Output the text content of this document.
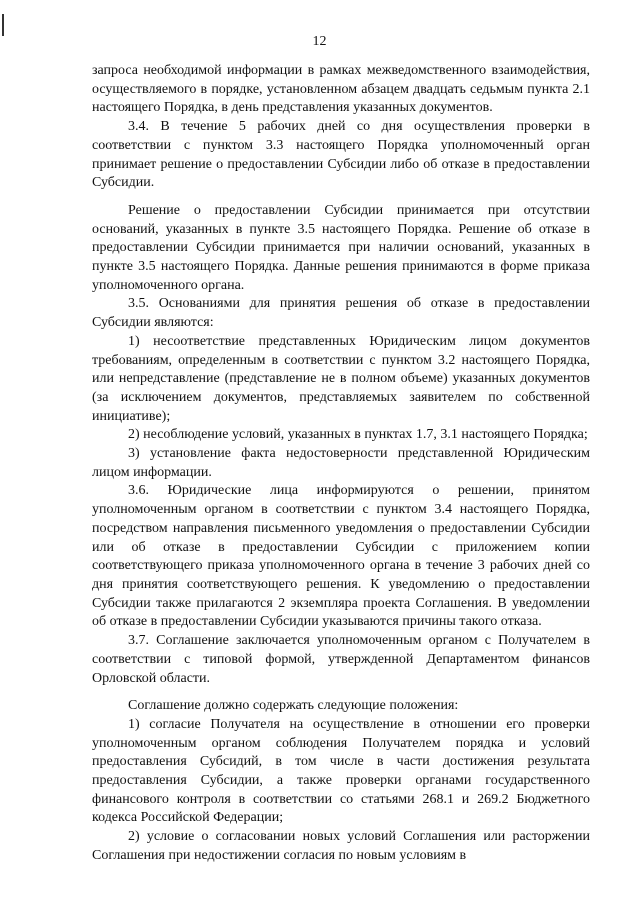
12

запроса необходимой информации в рамках межведомственного взаимодействия, осуществляемого в порядке, установленном абзацем двадцать седьмым пункта 2.1 настоящего Порядка, в день представления указанных документов.

3.4. В течение 5 рабочих дней со дня осуществления проверки в соответствии с пунктом 3.3 настоящего Порядка уполномоченный орган принимает решение о предоставлении Субсидии либо об отказе в предоставлении Субсидии.

Решение о предоставлении Субсидии принимается при отсутствии оснований, указанных в пункте 3.5 настоящего Порядка. Решение об отказе в предоставлении Субсидии принимается при наличии оснований, указанных в пункте 3.5 настоящего Порядка. Данные решения принимаются в форме приказа уполномоченного органа.

3.5. Основаниями для принятия решения об отказе в предоставлении Субсидии являются:

1) несоответствие представленных Юридическим лицом документов требованиям, определенным в соответствии с пунктом 3.2 настоящего Порядка, или непредставление (представление не в полном объеме) указанных документов (за исключением документов, представляемых заявителем по собственной инициативе);

2) несоблюдение условий, указанных в пунктах 1.7, 3.1 настоящего Порядка;

3) установление факта недостоверности представленной Юридическим лицом информации.

3.6. Юридические лица информируются о решении, принятом уполномоченным органом в соответствии с пунктом 3.4 настоящего Порядка, посредством направления письменного уведомления о предоставлении Субсидии или об отказе в предоставлении Субсидии с приложением копии соответствующего приказа уполномоченного органа в течение 3 рабочих дней со дня принятия соответствующего решения. К уведомлению о предоставлении Субсидии также прилагаются 2 экземпляра проекта Соглашения. В уведомлении об отказе в предоставлении Субсидии указываются причины такого отказа.

3.7. Соглашение заключается уполномоченным органом с Получателем в соответствии с типовой формой, утвержденной Департаментом финансов Орловской области.

Соглашение должно содержать следующие положения:

1) согласие Получателя на осуществление в отношении его проверки уполномоченным органом соблюдения Получателем порядка и условий предоставления Субсидий, в том числе в части достижения результата предоставления Субсидии, а также проверки органами государственного финансового контроля в соответствии со статьями 268.1 и 269.2 Бюджетного кодекса Российской Федерации;

2) условие о согласовании новых условий Соглашения или расторжении Соглашения при недостижении согласия по новым условиям в
